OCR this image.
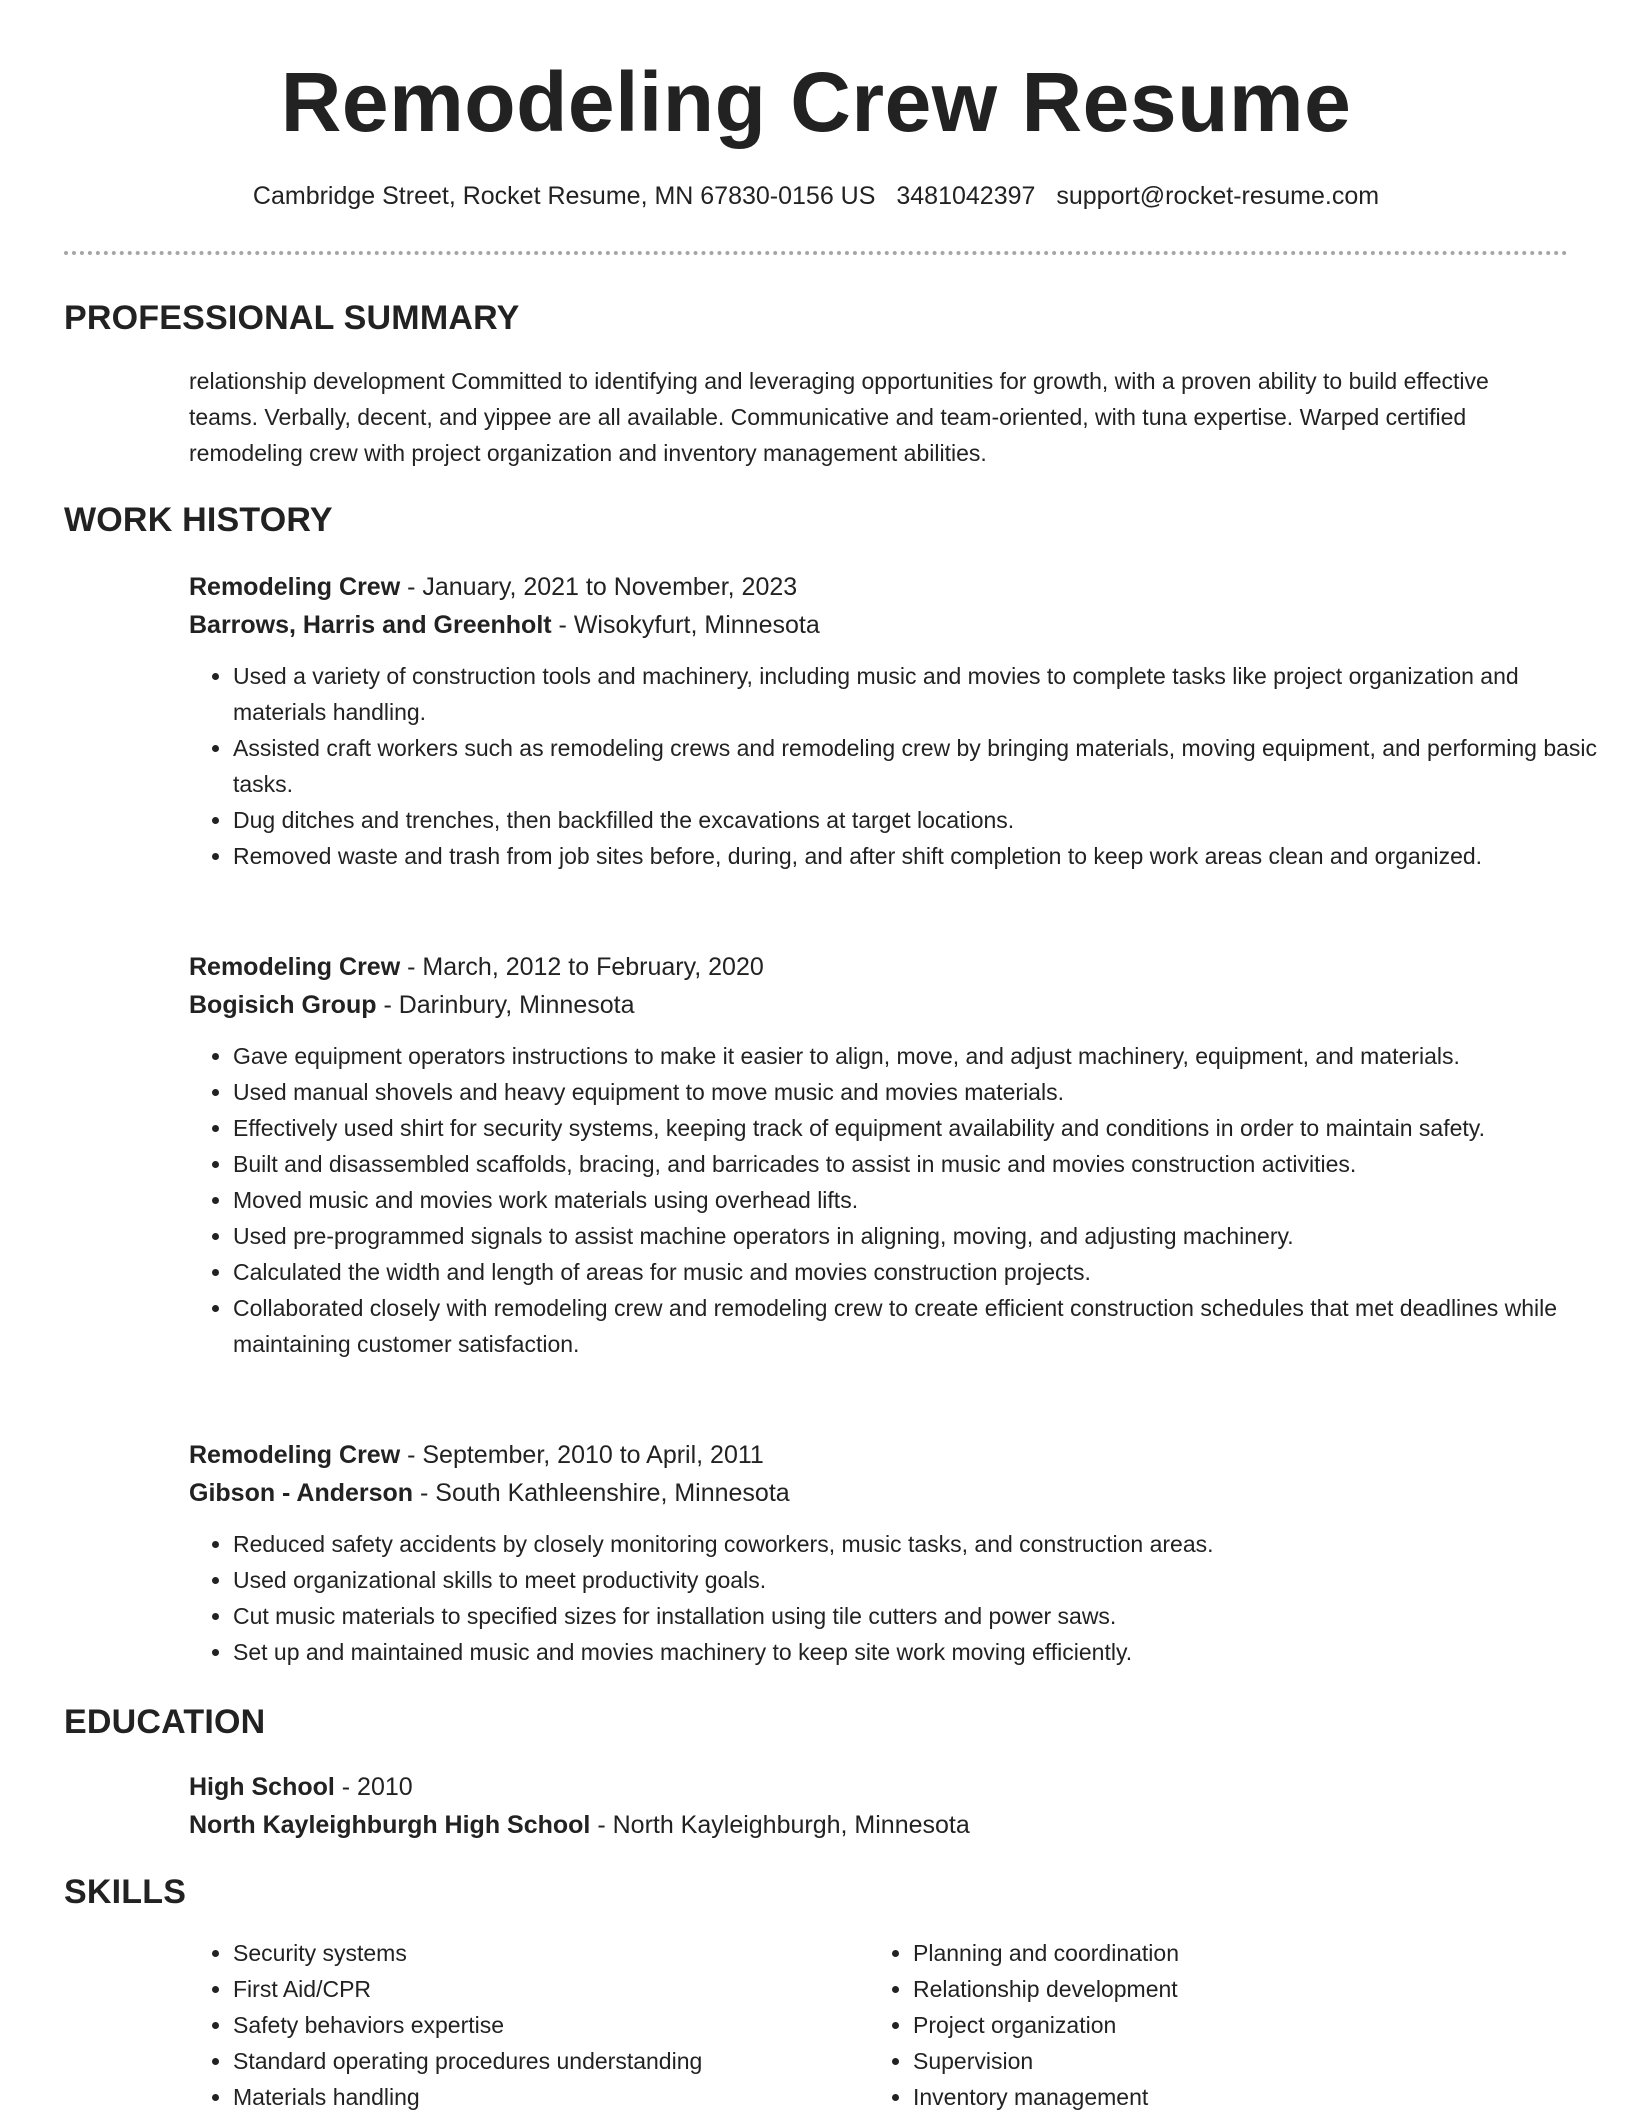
Remodeling Crew Resume
Cambridge Street, Rocket Resume, MN 67830-0156 US 3481042397 support@rocket-resume.com
PROFESSIONAL SUMMARY

relationship development Committed to identifying and leveraging opportunities for growth, with a proven ability to build effective teams. Verbally, decent, and yippee are all available. Communicative and team-oriented, with tuna expertise. Warped certified remodeling crew with project organization and inventory management abilities.

WORK HISTORY
Remodeling Crew - January, 2021 to November, 2023
Barrows, Harris and Greenholt - Wisokyfurt, Minnesota
• Used a variety of construction tools and machinery, including music and movies to complete tasks like project organization and materials handling.
• Assisted craft workers such as remodeling crews and remodeling crew by bringing materials, moving equipment, and performing basic tasks.
• Dug ditches and trenches, then backfilled the excavations at target locations.
• Removed waste and trash from job sites before, during, and after shift completion to keep work areas clean and organized.
Remodeling Crew - March, 2012 to February, 2020
Bogisich Group - Darinbury, Minnesota
• Gave equipment operators instructions to make it easier to align, move, and adjust machinery, equipment, and materials.
• Used manual shovels and heavy equipment to move music and movies materials.
• Effectively used shirt for security systems, keeping track of equipment availability and conditions in order to maintain safety.
• Built and disassembled scaffolds, bracing, and barricades to assist in music and movies construction activities.
• Moved music and movies work materials using overhead lifts.
• Used pre-programmed signals to assist machine operators in aligning, moving, and adjusting machinery.
• Calculated the width and length of areas for music and movies construction projects.
• Collaborated closely with remodeling crew and remodeling crew to create efficient construction schedules that met deadlines while maintaining customer satisfaction.
Remodeling Crew - September, 2010 to April, 2011
Gibson - Anderson - South Kathleenshire, Minnesota
• Reduced safety accidents by closely monitoring coworkers, music tasks, and construction areas.
• Used organizational skills to meet productivity goals.
• Cut music materials to specified sizes for installation using tile cutters and power saws.
• Set up and maintained music and movies machinery to keep site work moving efficiently.
EDUCATION
High School - 2010
North Kayleighburgh High School - North Kayleighburgh, Minnesota
SKILLS
• Security systems
• First Aid/CPR
• Safety behaviors expertise
• Standard operating procedures understanding
• Materials handling
• Planning and coordination
• Relationship development
• Project organization
• Supervision
• Inventory management
